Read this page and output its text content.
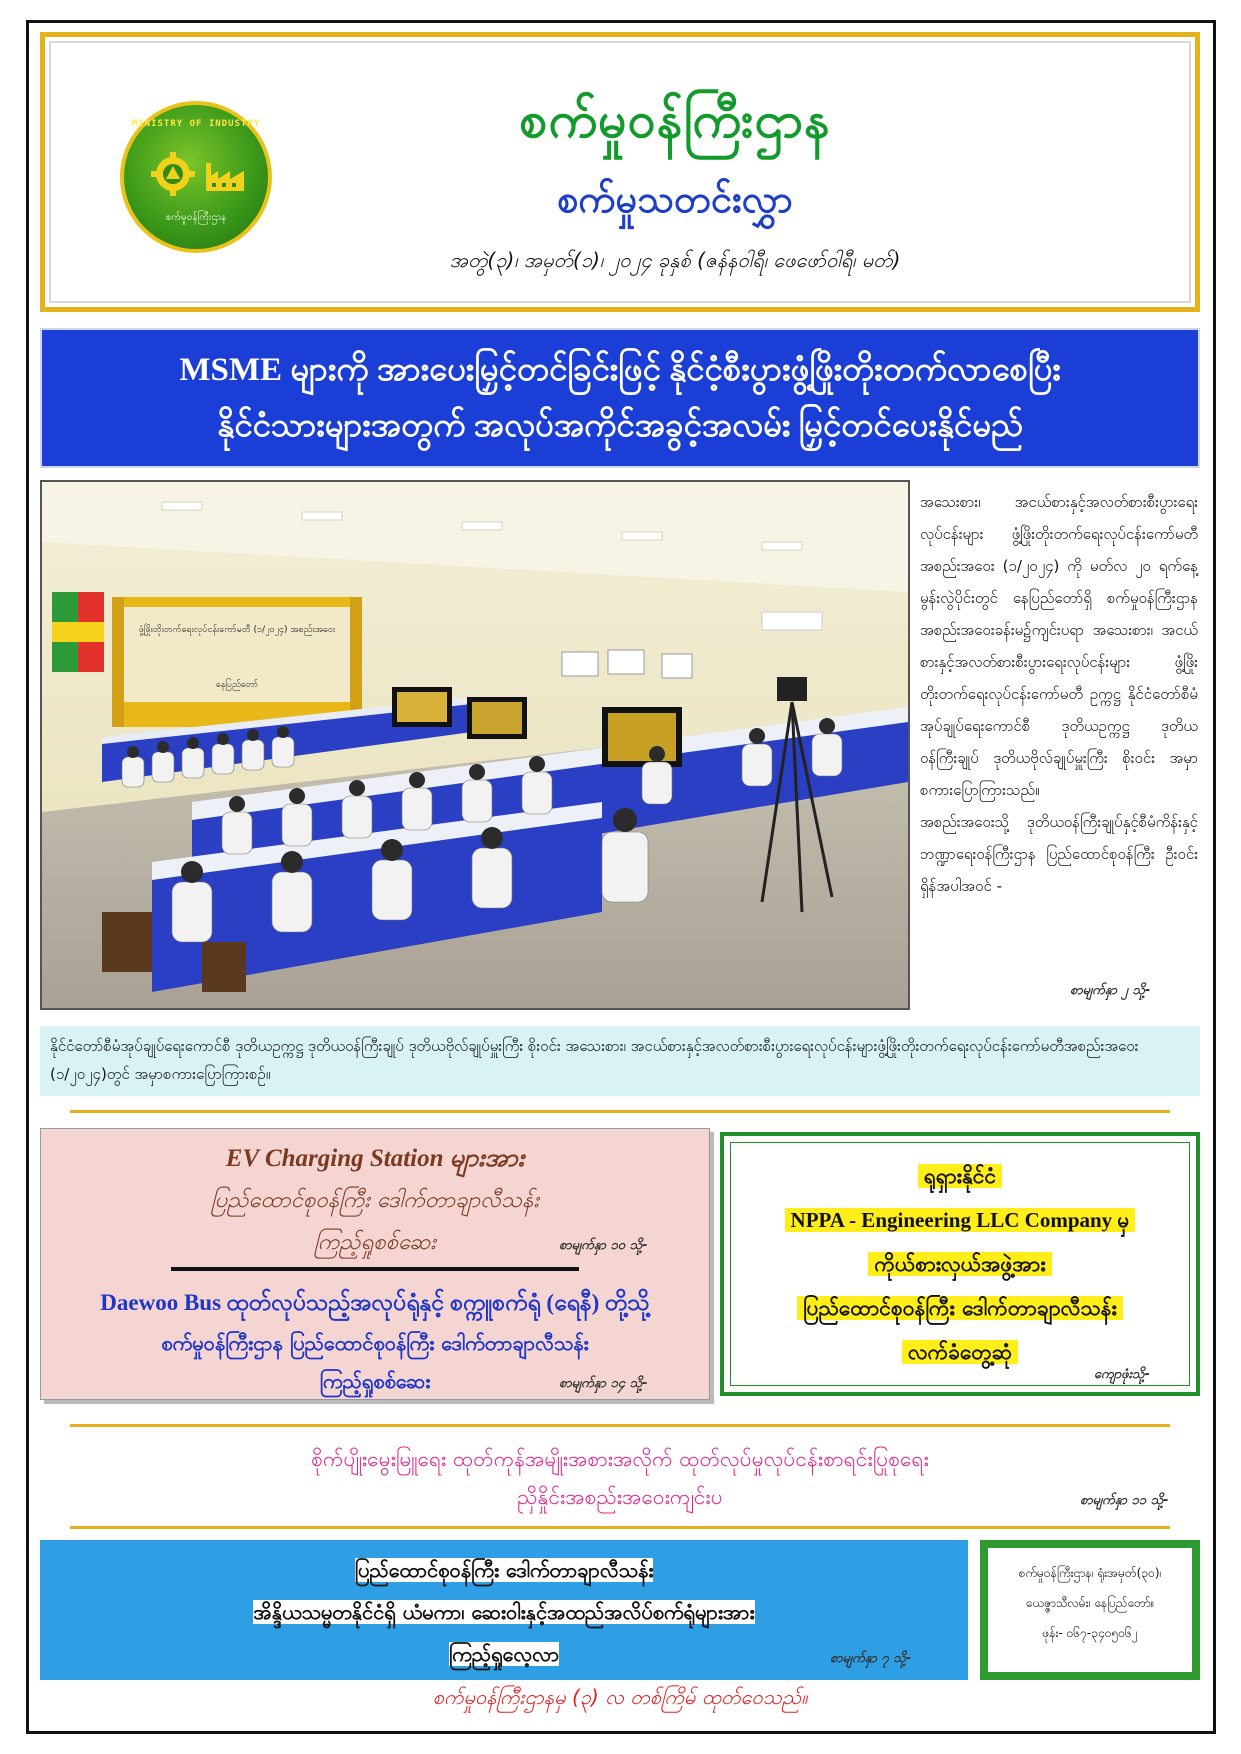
MINISTRY OF INDUSTRY
စက်မှုဝန်ကြီးဌာန
စက်မှုဝန်ကြီးဌာန
စက်မှုသတင်းလွှာ
အတွဲ(၃)၊ အမှတ်(၁)၊ ၂၀၂၄ ခုနှစ် (ဇန်နဝါရီ၊ ဖေဖော်ဝါရီ၊ မတ်)
MSME များကို အားပေးမြှင့်တင်ခြင်းဖြင့် နိုင်ငံ့စီးပွားဖွံ့ဖြိုးတိုးတက်လာစေပြီး
နိုင်ငံသားများအတွက် အလုပ်အကိုင်အခွင့်အလမ်း မြှင့်တင်ပေးနိုင်မည်
ဖွံ့ဖြိုးတိုးတက်ရေးလုပ်ငန်းကော်မတီ (၁/၂၀၂၄) အစည်းအဝေး
နေပြည်တော်
အသေးစား၊ အငယ်စားနှင့်အလတ်စားစီးပွားရေးလုပ်ငန်းများ ဖွံ့ဖြိုးတိုးတက်ရေးလုပ်ငန်းကော်မတီ အစည်းအဝေး (၁/၂၀၂၄) ကို မတ်လ ၂၀ ရက်နေ့ မွန်းလွဲပိုင်းတွင် နေပြည်တော်ရှိ စက်မှုဝန်ကြီးဌာန အစည်းအဝေးခန်းမ၌ကျင်းပရာ အသေးစား၊ အငယ်စားနှင့်အလတ်စားစီးပွားရေးလုပ်ငန်းများ ဖွံ့ဖြိုးတိုးတက်ရေးလုပ်ငန်းကော်မတီ ဥက္ကဋ္ဌ နိုင်ငံတော်စီမံအုပ်ချုပ်ရေးကောင်စီ ဒုတိယဥက္ကဋ္ဌ ဒုတိယဝန်ကြီးချုပ် ဒုတိယဗိုလ်ချုပ်မှူးကြီး စိုးဝင်း အမှာစကားပြောကြားသည်။
အစည်းအဝေးသို့ ဒုတိယဝန်ကြီးချုပ်နှင့်စီမံကိန်းနှင့်ဘဏ္ဍာရေးဝန်ကြီးဌာန ပြည်ထောင်စုဝန်ကြီး ဦးဝင်းရှိန်အပါအဝင် -
စာမျက်နှာ ၂ သို့-
နိုင်ငံတော်စီမံအုပ်ချုပ်ရေးကောင်စီ ဒုတိယဥက္ကဋ္ဌ ဒုတိယဝန်ကြီးချုပ် ဒုတိယဗိုလ်ချုပ်မှူးကြီး စိုးဝင်း အသေးစား၊ အငယ်စားနှင့်အလတ်စားစီးပွားရေးလုပ်ငန်းများဖွံ့ဖြိုးတိုးတက်ရေးလုပ်ငန်းကော်မတီအစည်းအဝေး (၁/၂၀၂၄)တွင် အမှာစကားပြောကြားစဉ်။
EV Charging Station များအား
ပြည်ထောင်စုဝန်ကြီး ဒေါက်တာချာလီသန်း
ကြည့်ရှုစစ်ဆေး	စာမျက်နှာ ၁၀ သို့-
Daewoo Bus ထုတ်လုပ်သည့်အလုပ်ရုံနှင့် စက္ကူစက်ရုံ (ရေနီ) တို့သို့
စက်မှုဝန်ကြီးဌာန ပြည်ထောင်စုဝန်ကြီး ဒေါက်တာချာလီသန်း
ကြည့်ရှုစစ်ဆေး	စာမျက်နှာ ၁၄ သို့-
ရုရှားနိုင်ငံ
NPPA - Engineering LLC Company မှ
ကိုယ်စားလှယ်အဖွဲ့အား
ပြည်ထောင်စုဝန်ကြီး ဒေါက်တာချာလီသန်း
လက်ခံတွေ့ဆုံ
ကျောဖုံးသို့-
စိုက်ပျိုးမွေးမြူရေး ထုတ်ကုန်အမျိုးအစားအလိုက် ထုတ်လုပ်မှုလုပ်ငန်းစာရင်းပြုစုရေး
ညှိနှိုင်းအစည်းအဝေးကျင်းပ	စာမျက်နှာ ၁၁ သို့-
ပြည်ထောင်စုဝန်ကြီး ဒေါက်တာချာလီသန်း
အိန္ဒိယသမ္မတနိုင်ငံရှိ ယံမကာ၊ ဆေးဝါးနှင့်အထည်အလိပ်စက်ရုံများအား
ကြည့်ရှုလေ့လာ	စာမျက်နှာ ၇ သို့-
စက်မှုဝန်ကြီးဌာန၊ ရုံးအမှတ်(၃၀)၊
ယေဇ္ဇာသီလမ်း၊ နေပြည်တော်။
ဖုန်း- ၀၆၇-၃၄၀၅၀၆၂
စက်မှုဝန်ကြီးဌာနမှ (၃) လ တစ်ကြိမ် ထုတ်ဝေသည်။
